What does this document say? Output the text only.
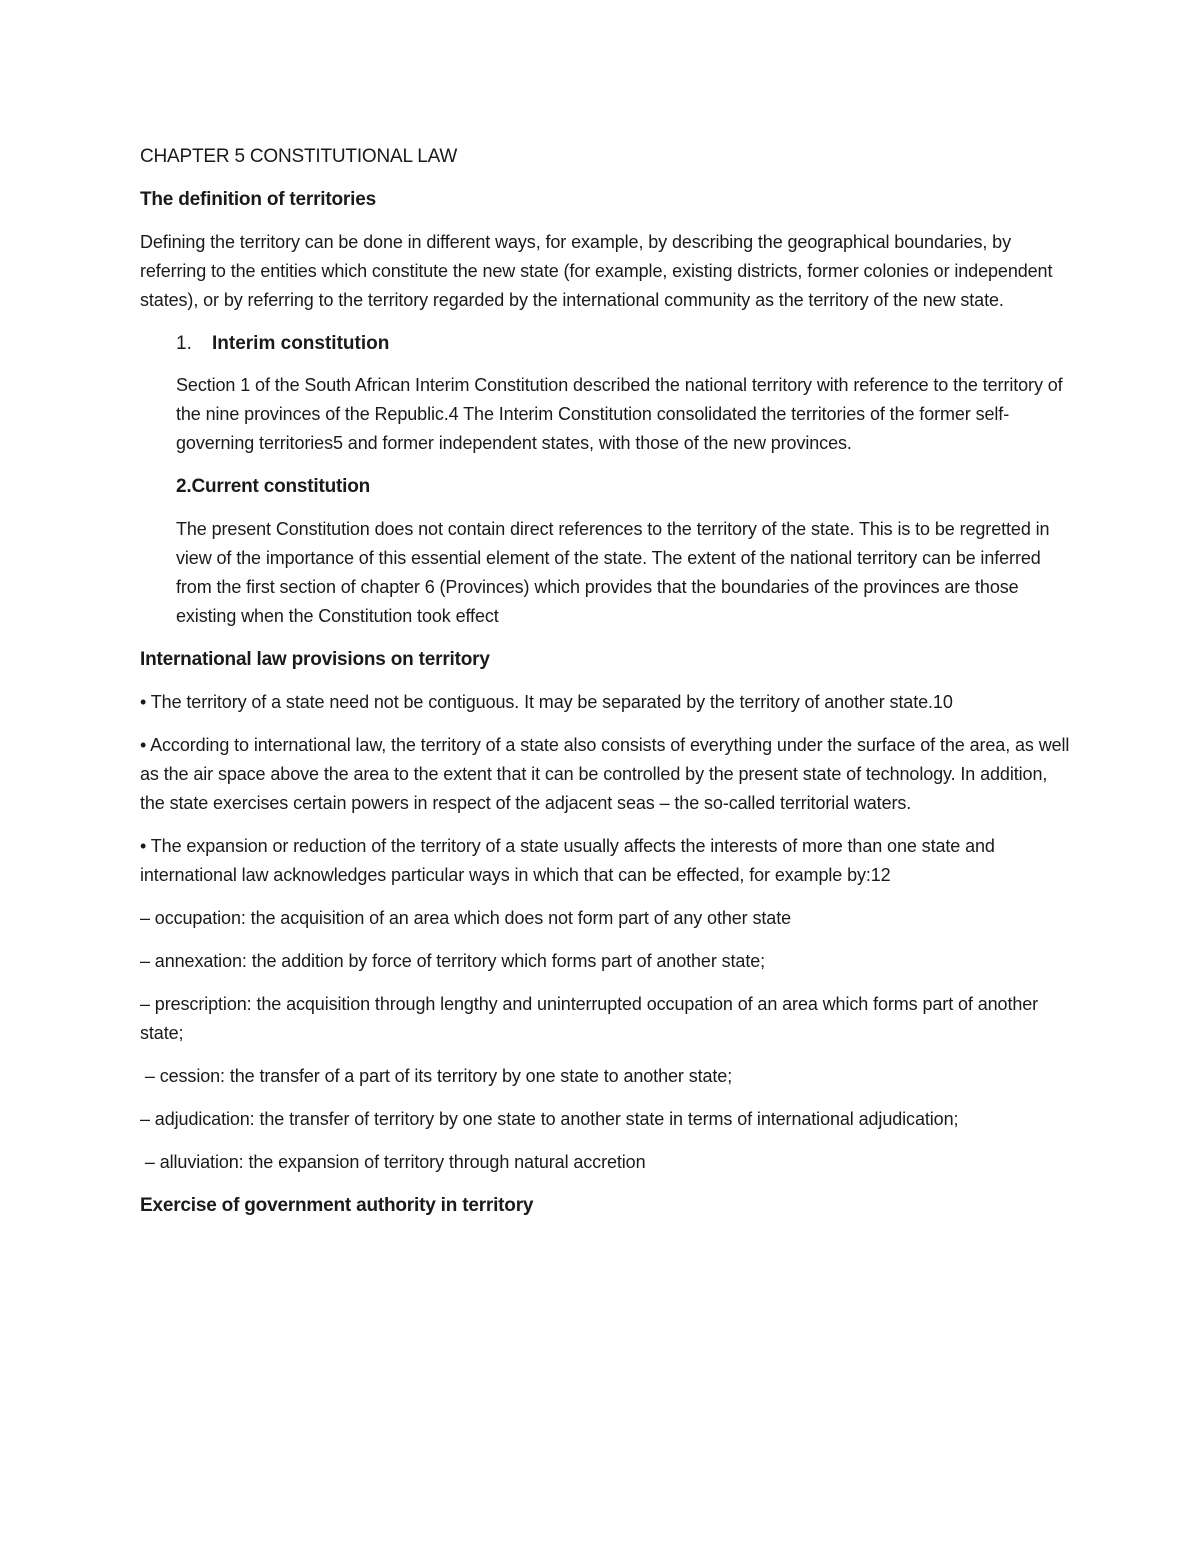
CHAPTER 5 CONSTITUTIONAL LAW
The definition of territories
Defining the territory can be done in different ways, for example, by describing the geographical boundaries, by referring to the entities which constitute the new state (for example, existing districts, former colonies or independent states), or by referring to the territory regarded by the international community as the territory of the new state.
1.	Interim constitution
Section 1 of the South African Interim Constitution described the national territory with reference to the territory of the nine provinces of the Republic.4 The Interim Constitution consolidated the territories of the former self-governing territories5 and former independent states, with those of the new provinces.
2.Current constitution
The present Constitution does not contain direct references to the territory of the state. This is to be regretted in view of the importance of this essential element of the state. The extent of the national territory can be inferred from the first section of chapter 6 (Provinces) which provides that the boundaries of the provinces are those existing when the Constitution took effect
International law provisions on territory
• The territory of a state need not be contiguous. It may be separated by the territory of another state.10
• According to international law, the territory of a state also consists of everything under the surface of the area, as well as the air space above the area to the extent that it can be controlled by the present state of technology. In addition, the state exercises certain powers in respect of the adjacent seas – the so-called territorial waters.
• The expansion or reduction of the territory of a state usually affects the interests of more than one state and international law acknowledges particular ways in which that can be effected, for example by:12
– occupation: the acquisition of an area which does not form part of any other state
– annexation: the addition by force of territory which forms part of another state;
– prescription: the acquisition through lengthy and uninterrupted occupation of an area which forms part of another state;
– cession: the transfer of a part of its territory by one state to another state;
– adjudication: the transfer of territory by one state to another state in terms of international adjudication;
– alluviation: the expansion of territory through natural accretion
Exercise of government authority in territory
